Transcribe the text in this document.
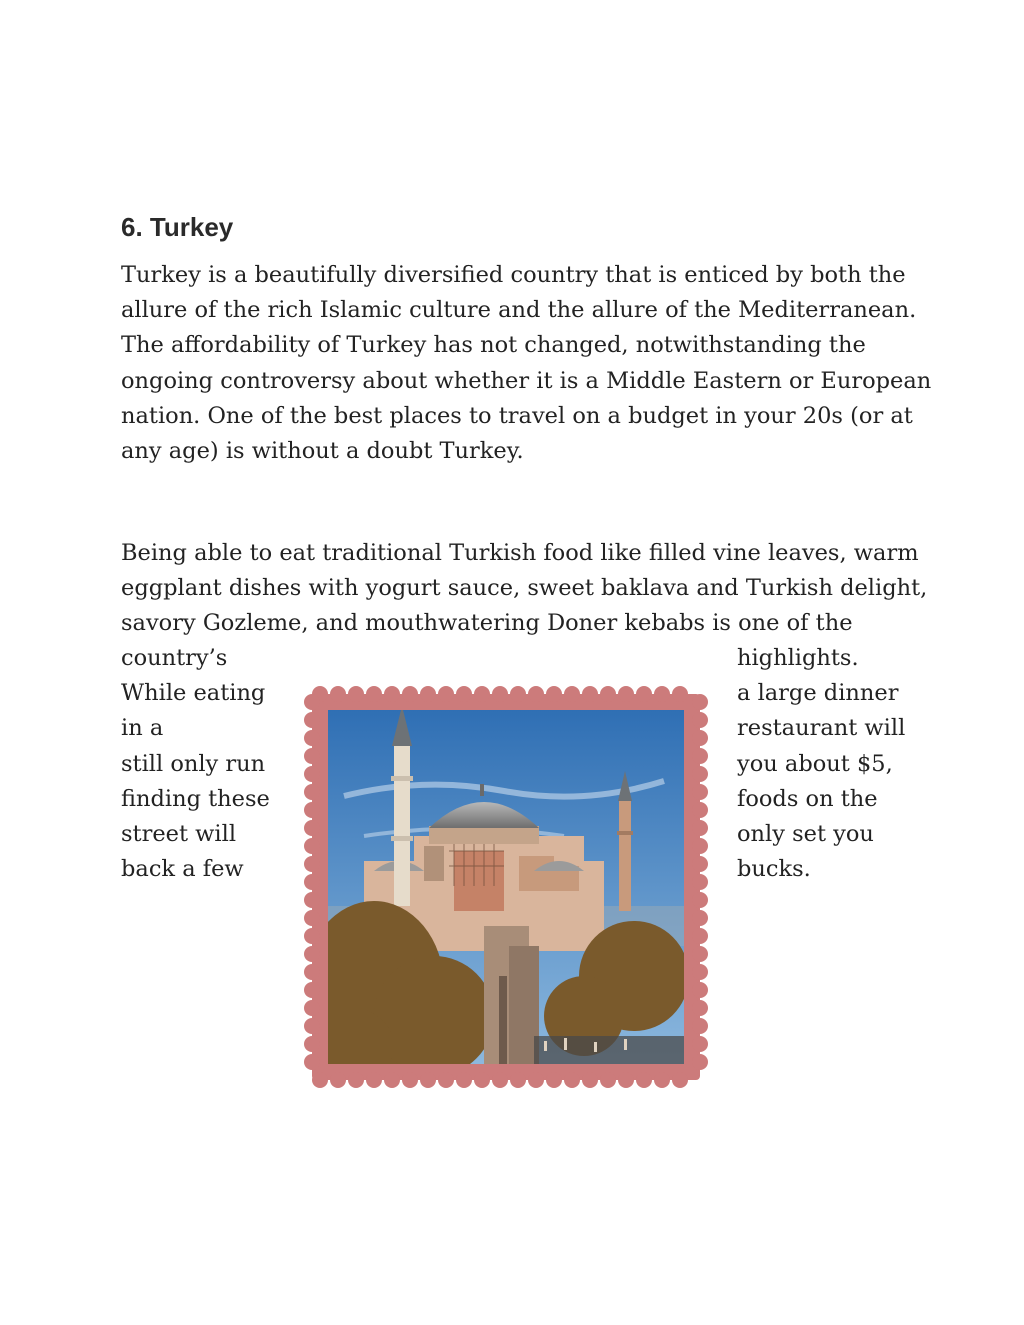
6. Turkey
Turkey is a beautifully diversified country that is enticed by both the
allure of the rich Islamic culture and the allure of the Mediterranean.
The affordability of Turkey has not changed, notwithstanding the
ongoing controversy about whether it is a Middle Eastern or European
nation. One of the best places to travel on a budget in your 20s (or at
any age) is without a doubt Turkey.
Being able to eat traditional Turkish food like filled vine leaves, warm
eggplant dishes with yogurt sauce, sweet baklava and Turkish delight,
savory Gozleme, and mouthwatering Doner kebabs is one of the
country’s
While eating
in a
still only run
finding these
street will
back a few
highlights.
a large dinner
restaurant will
you about $5,
foods on the
only set you
bucks.
